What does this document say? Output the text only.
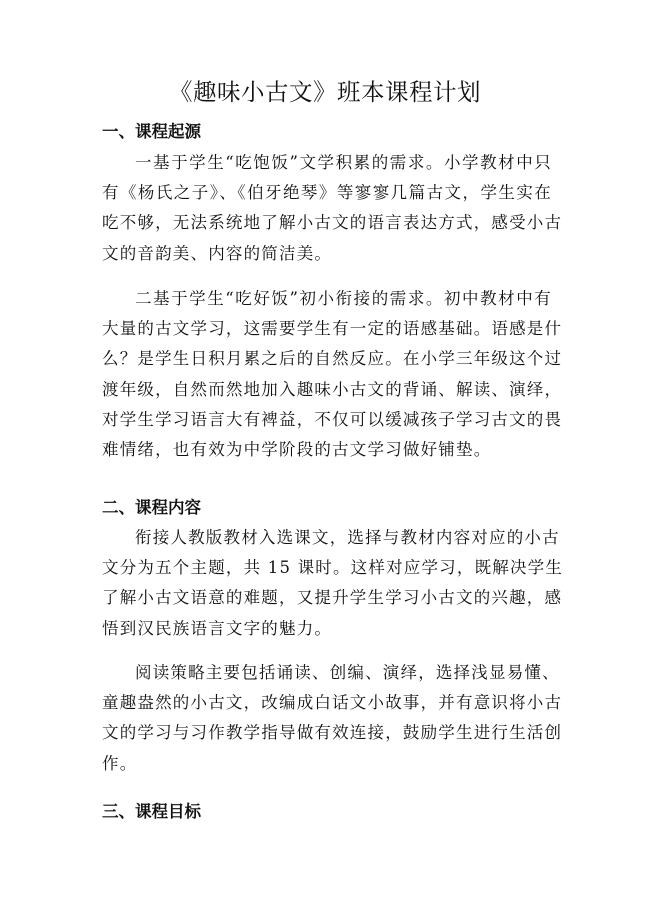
《趣味小古文》班本课程计划
一、课程起源

一基于学生“吃饱饭”文学积累的需求。小学教材中只
有《杨氏之子》、《伯牙绝琴》等寥寥几篇古文，学生实在
吃不够，无法系统地了解小古文的语言表达方式，感受小古
文的音韵美、内容的简洁美。

二基于学生“吃好饭”初小衔接的需求。初中教材中有
大量的古文学习，这需要学生有一定的语感基础。语感是什
么？是学生日积月累之后的自然反应。在小学三年级这个过
渡年级，自然而然地加入趣味小古文的背诵、解读、演绎，
对学生学习语言大有裨益，不仅可以缓减孩子学习古文的畏
难情绪，也有效为中学阶段的古文学习做好铺垫。

二、课程内容

衔接人教版教材入选课文，选择与教材内容对应的小古
文分为五个主题，共 15 课时。这样对应学习，既解决学生
了解小古文语意的难题，又提升学生学习小古文的兴趣，感
悟到汉民族语言文字的魅力。

阅读策略主要包括诵读、创编、演绎，选择浅显易懂、
童趣盎然的小古文，改编成白话文小故事，并有意识将小古
文的学习与习作教学指导做有效连接，鼓励学生进行生活创
作。

三、课程目标
